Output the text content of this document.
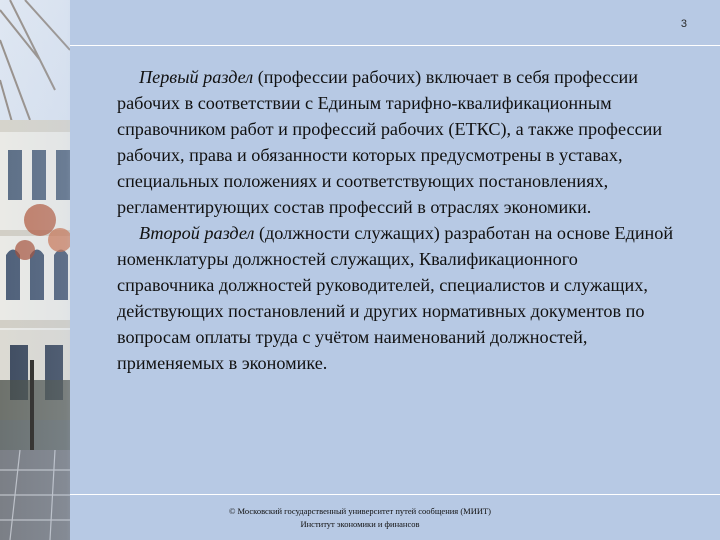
3

Первый раздел (профессии рабочих) включает в себя профессии рабочих в соответствии с Единым тарифно-квалификационным справочником работ и профессий рабочих (ЕТКС), а также профессии рабочих, права и обязанности которых предусмотрены в уставах, специальных положениях и соответствующих постановлениях, регламентирующих состав профессий в отраслях экономики.

Второй раздел (должности служащих) разработан на основе Единой номенклатуры должностей служащих, Квалификационного справочника должностей руководителей, специалистов и служащих, действующих постановлений и других нормативных документов по вопросам оплаты труда с учётом наименований должностей, применяемых в экономике.

© Московский государственный университет путей сообщения (МИИТ)
Институт экономики и финансов
